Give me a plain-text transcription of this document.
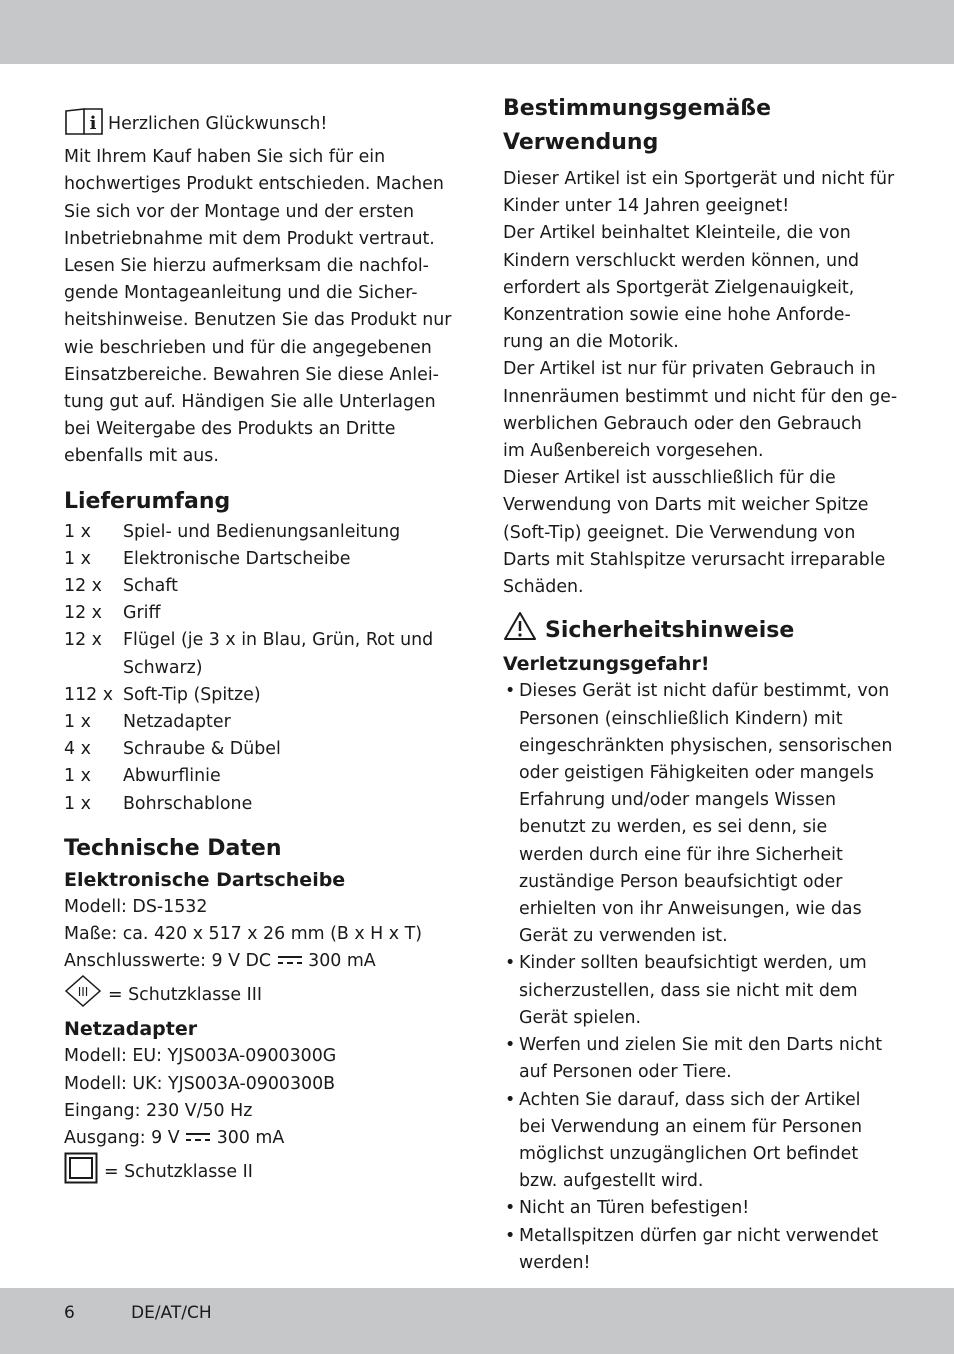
i Herzlichen Glückwunsch!
Mit Ihrem Kauf haben Sie sich für ein
hochwertiges Produkt entschieden. Machen
Sie sich vor der Montage und der ersten
Inbetriebnahme mit dem Produkt vertraut.
Lesen Sie hierzu aufmerksam die nachfol-
gende Montageanleitung und die Sicher-
heitshinweise. Benutzen Sie das Produkt nur
wie beschrieben und für die angegebenen
Einsatzbereiche. Bewahren Sie diese Anlei-
tung gut auf. Händigen Sie alle Unterlagen
bei Weitergabe des Produkts an Dritte
ebenfalls mit aus.

Lieferumfang
1 x	Spiel- und Bedienungsanleitung
1 x	Elektronische Dartscheibe
12 x	Schaft
12 x	Griff
12 x	Flügel (je 3 x in Blau, Grün, Rot und
Schwarz)
112 x Soft-Tip (Spitze)
1 x	Netzadapter
4 x	Schraube & Dübel
1 x	Abwurflinie
1 x	Bohrschablone
Technische Daten
Elektronische Dartscheibe
Modell: DS-1532
Maße: ca. 420 x 517 x 26 mm (B x H x T)
Anschlusswerte: 9 V DC 300 mA
III = Schutzklasse III
Netzadapter
Modell: EU: YJS003A-0900300G
Modell: UK: YJS003A-0900300B
Eingang: 230 V/50 Hz
Ausgang: 9 V 300 mA
= Schutzklasse II
Bestimmungsgemäße
Verwendung

Dieser Artikel ist ein Sportgerät und nicht für
Kinder unter 14 Jahren geeignet!
Der Artikel beinhaltet Kleinteile, die von
Kindern verschluckt werden können, und
erfordert als Sportgerät Zielgenauigkeit,
Konzentration sowie eine hohe Anforde-
rung an die Motorik.
Der Artikel ist nur für privaten Gebrauch in
Innenräumen bestimmt und nicht für den ge-
werblichen Gebrauch oder den Gebrauch
im Außenbereich vorgesehen.
Dieser Artikel ist ausschließlich für die
Verwendung von Darts mit weicher Spitze
(Soft-Tip) geeignet. Die Verwendung von
Darts mit Stahlspitze verursacht irreparable
Schäden.

Sicherheitshinweise
Verletzungsgefahr!
• Dieses Gerät ist nicht dafür bestimmt, von
Personen (einschließlich Kindern) mit
eingeschränkten physischen, sensorischen
oder geistigen Fähigkeiten oder mangels
Erfahrung und/oder mangels Wissen
benutzt zu werden, es sei denn, sie
werden durch eine für ihre Sicherheit
zuständige Person beaufsichtigt oder
erhielten von ihr Anweisungen, wie das
Gerät zu verwenden ist.
• Kinder sollten beaufsichtigt werden, um
sicherzustellen, dass sie nicht mit dem
Gerät spielen.
• Werfen und zielen Sie mit den Darts nicht
auf Personen oder Tiere.
• Achten Sie darauf, dass sich der Artikel
bei Verwendung an einem für Personen
möglichst unzugänglichen Ort befindet
bzw. aufgestellt wird.
• Nicht an Türen befestigen!
• Metallspitzen dürfen gar nicht verwendet
werden!
6	DE/AT/CH
